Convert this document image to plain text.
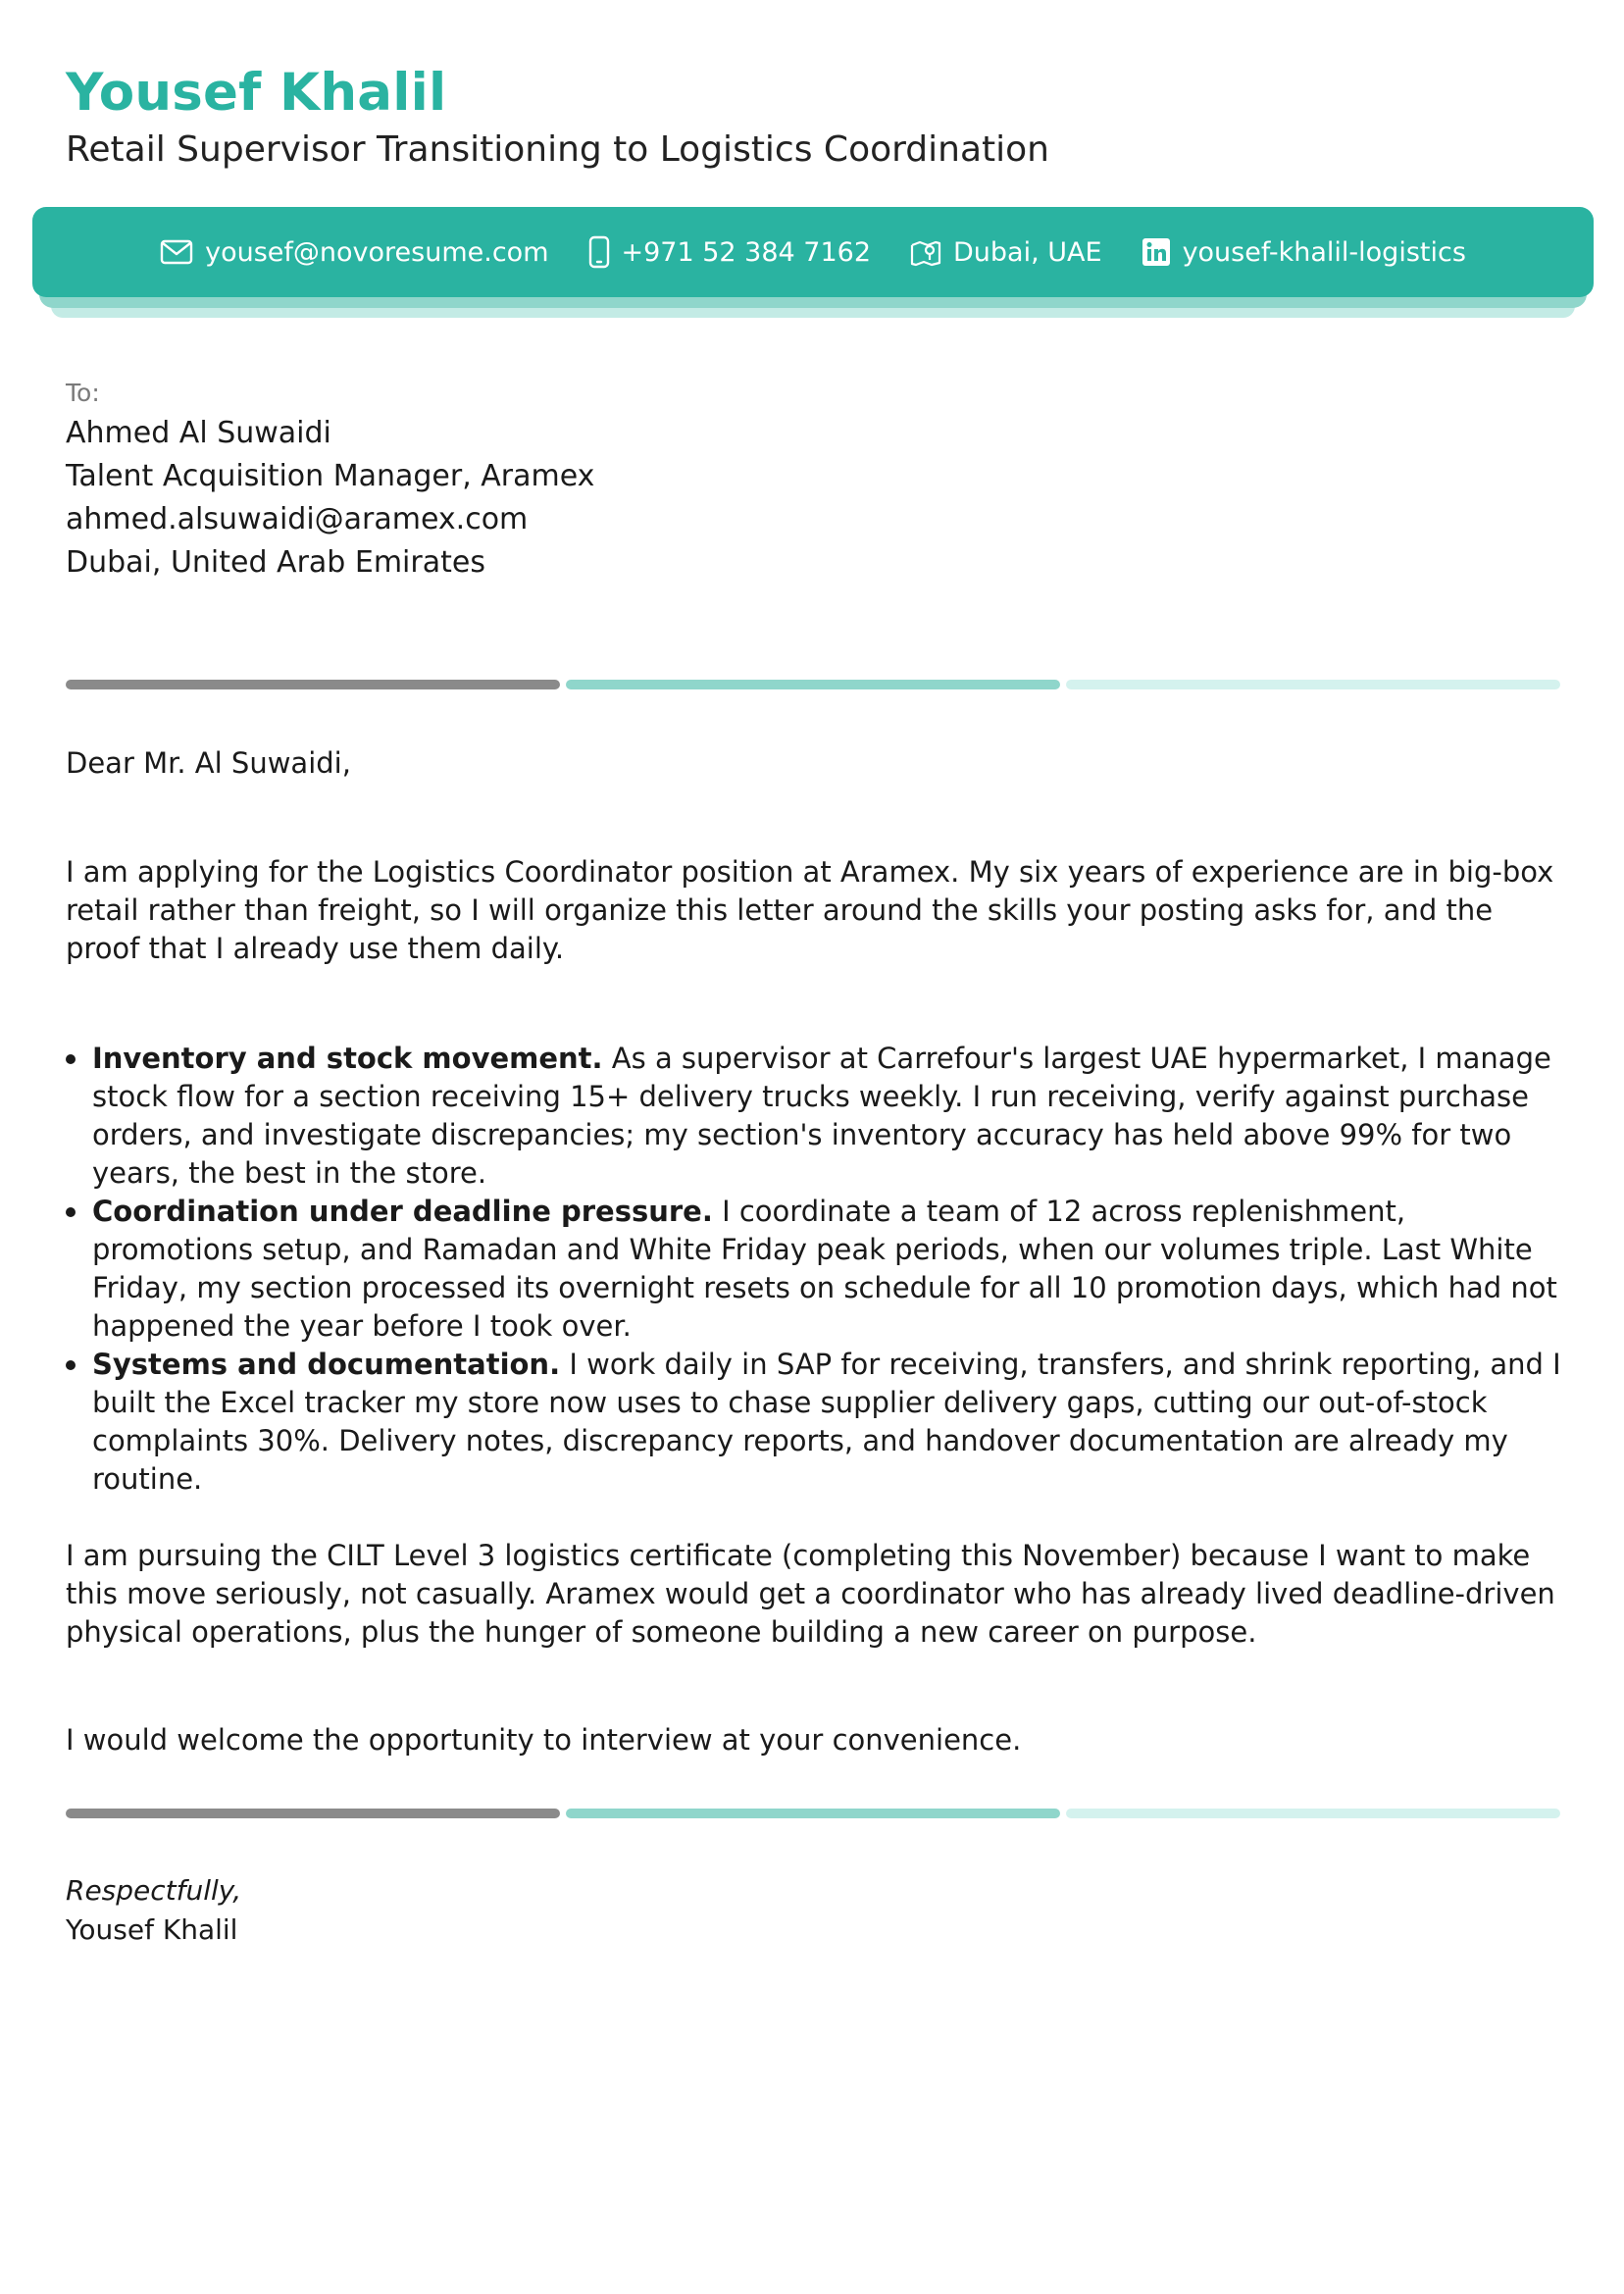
Yousef Khalil
Retail Supervisor Transitioning to Logistics Coordination
yousef@novoresume.com	+971 52 384 7162	Dubai, UAE	yousef-khalil-logistics
To:
Ahmed Al Suwaidi
Talent Acquisition Manager, Aramex
ahmed.alsuwaidi@aramex.com
Dubai, United Arab Emirates
Dear Mr. Al Suwaidi,
I am applying for the Logistics Coordinator position at Aramex. My six years of experience are in big-box retail rather than freight, so I will organize this letter around the skills your posting asks for, and the proof that I already use them daily.
Inventory and stock movement. As a supervisor at Carrefour's largest UAE hypermarket, I manage stock flow for a section receiving 15+ delivery trucks weekly. I run receiving, verify against purchase orders, and investigate discrepancies; my section's inventory accuracy has held above 99% for two years, the best in the store.
Coordination under deadline pressure. I coordinate a team of 12 across replenishment, promotions setup, and Ramadan and White Friday peak periods, when our volumes triple. Last White Friday, my section processed its overnight resets on schedule for all 10 promotion days, which had not happened the year before I took over.
Systems and documentation. I work daily in SAP for receiving, transfers, and shrink reporting, and I built the Excel tracker my store now uses to chase supplier delivery gaps, cutting our out-of-stock complaints 30%. Delivery notes, discrepancy reports, and handover documentation are already my routine.
I am pursuing the CILT Level 3 logistics certificate (completing this November) because I want to make this move seriously, not casually. Aramex would get a coordinator who has already lived deadline-driven physical operations, plus the hunger of someone building a new career on purpose.
I would welcome the opportunity to interview at your convenience.
Respectfully,
Yousef Khalil
